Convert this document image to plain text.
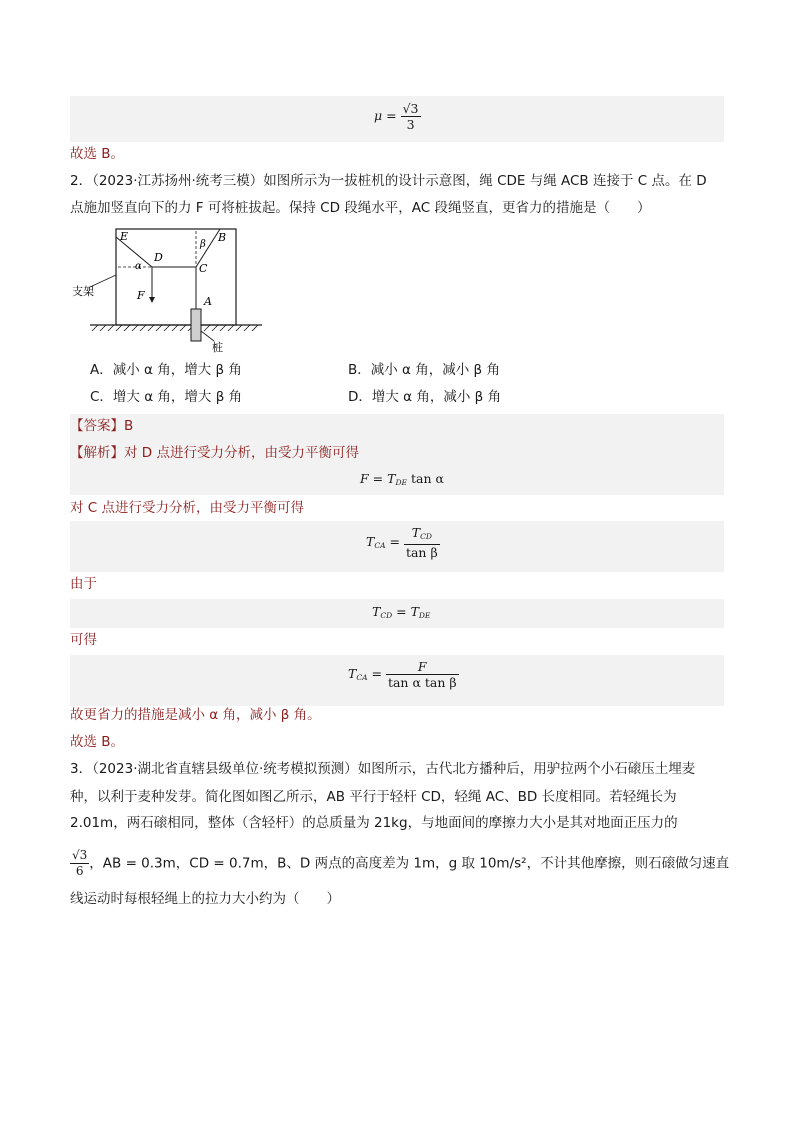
$\mu = \frac{√3}{3}$
故选 B。
2．（2023·江苏扬州·统考三模）如图所示为一拔桩机的设计示意图，绳 CDE 与绳 ACB 连接于 C 点。在 D
点施加竖直向下的力 F 可将桩拔起。保持 CD 段绳水平，AC 段绳竖直，更省力的措施是（　　）
E
D
C
B
A
F
α
β
支架
桩
A．减小 α 角，增大 β 角	B．减小 α 角，减小 β 角
C．增大 α 角，增大 β 角	D．增大 α 角，减小 β 角
【答案】B
【解析】对 D 点进行受力分析，由受力平衡可得
$F = T_{DE}$ tan α
对 C 点进行受力分析，由受力平衡可得
$T_{CA} = \frac{T_{CD}}{\text{tan β}}$
由于
$T_{CD} = T_{DE}$
可得
$T_{CA} = \frac{F}{\text{tan α tan β}}$
故更省力的措施是减小 α 角，减小 β 角。
故选 B。
3．（2023·湖北省直辖县级单位·统考模拟预测）如图所示，古代北方播种后，用驴拉两个小石磙压土埋麦
种，以利于麦种发芽。简化图如图乙所示，AB 平行于轻杆 CD，轻绳 AC、BD 长度相同。若轻绳长为
2.01m，两石磙相同，整体（含轻杆）的总质量为 21kg，与地面间的摩擦力大小是其对地面正压力的
$\frac{√3}{6}$ ，AB = 0.3m，CD = 0.7m，B、D 两点的高度差为 1m，g 取 10m/s²，不计其他摩擦，则石磙做匀速直
线运动时每根轻绳上的拉力大小约为（　　）
